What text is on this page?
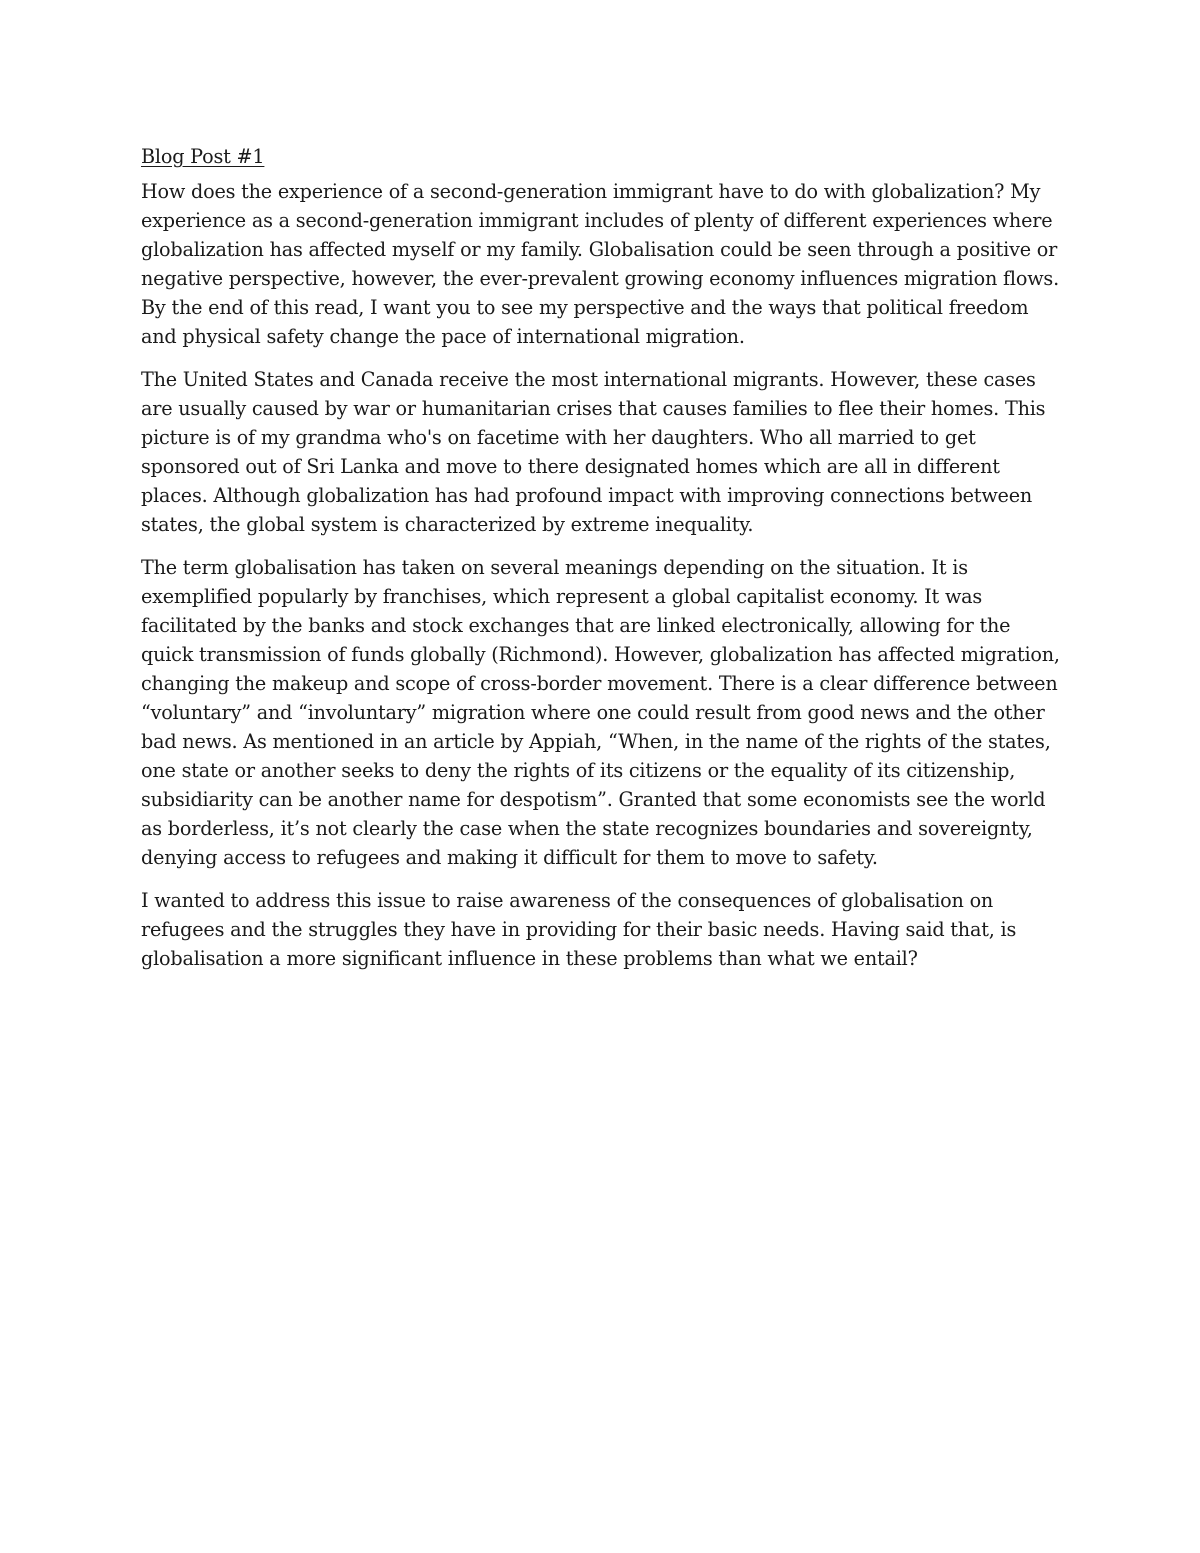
Blog Post #1

How does the experience of a second-generation immigrant have to do with globalization? My experience as a second-generation immigrant includes of plenty of different experiences where globalization has affected myself or my family. Globalisation could be seen through a positive or negative perspective, however, the ever-prevalent growing economy influences migration flows. By the end of this read, I want you to see my perspective and the ways that political freedom and physical safety change the pace of international migration.

The United States and Canada receive the most international migrants. However, these cases are usually caused by war or humanitarian crises that causes families to flee their homes. This picture is of my grandma who's on facetime with her daughters. Who all married to get sponsored out of Sri Lanka and move to there designated homes which are all in different places. Although globalization has had profound impact with improving connections between states, the global system is characterized by extreme inequality.

The term globalisation has taken on several meanings depending on the situation. It is exemplified popularly by franchises, which represent a global capitalist economy. It was facilitated by the banks and stock exchanges that are linked electronically, allowing for the quick transmission of funds globally (Richmond). However, globalization has affected migration, changing the makeup and scope of cross-border movement. There is a clear difference between “voluntary” and “involuntary” migration where one could result from good news and the other bad news. As mentioned in an article by Appiah, “When, in the name of the rights of the states, one state or another seeks to deny the rights of its citizens or the equality of its citizenship, subsidiarity can be another name for despotism”. Granted that some economists see the world as borderless, it’s not clearly the case when the state recognizes boundaries and sovereignty, denying access to refugees and making it difficult for them to move to safety.

I wanted to address this issue to raise awareness of the consequences of globalisation on refugees and the struggles they have in providing for their basic needs. Having said that, is globalisation a more significant influence in these problems than what we entail?
